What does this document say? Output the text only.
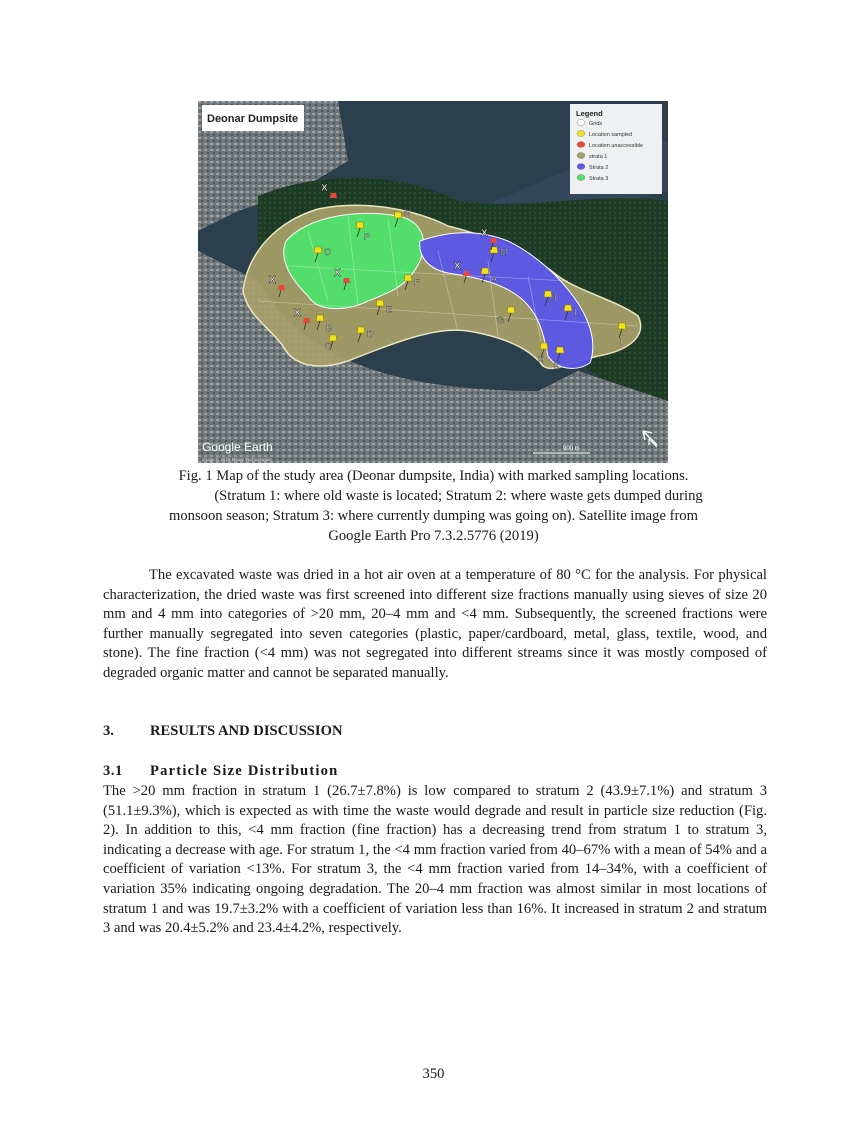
Deonar Dumpsite	Legend
Grids
Location sampled
Location unaccessible
strata 1
Strata 2
Strata 3
N
P
O
F
E
D
B
C
M
A
G
J
L
I
H
K
X
X
X
X
X
X
Google Earth
Image © 2019 Maxar Technologies
900 m
Fig. 1 Map of the study area (Deonar dumpsite, India) with marked sampling locations.
(Stratum 1: where old waste is located; Stratum 2: where waste gets dumped during
monsoon season; Stratum 3: where currently dumping was going on). Satellite image from
Google Earth Pro 7.3.2.5776 (2019)
The excavated waste was dried in a hot air oven at a temperature of 80 °C for the analysis. For physical characterization, the dried waste was first screened into different size fractions manually using sieves of size 20 mm and 4 mm into categories of >20 mm, 20–4 mm and <4 mm. Subsequently, the screened fractions were further manually segregated into seven categories (plastic, paper/cardboard, metal, glass, textile, wood, and stone). The fine fraction (<4 mm) was not segregated into different streams since it was mostly composed of degraded organic matter and cannot be separated manually.
3. RESULTS AND DISCUSSION
3.1 Particle Size Distribution
The >20 mm fraction in stratum 1 (26.7±7.8%) is low compared to stratum 2 (43.9±7.1%) and stratum 3 (51.1±9.3%), which is expected as with time the waste would degrade and result in particle size reduction (Fig. 2). In addition to this, <4 mm fraction (fine fraction) has a decreasing trend from stratum 1 to stratum 3, indicating a decrease with age. For stratum 1, the <4 mm fraction varied from 40–67% with a mean of 54% and a coefficient of variation <13%. For stratum 3, the <4 mm fraction varied from 14–34%, with a coefficient of variation 35% indicating ongoing degradation. The 20–4 mm fraction was almost similar in most locations of stratum 1 and was 19.7±3.2% with a coefficient of variation less than 16%. It increased in stratum 2 and stratum 3 and was 20.4±5.2% and 23.4±4.2%, respectively.
350
